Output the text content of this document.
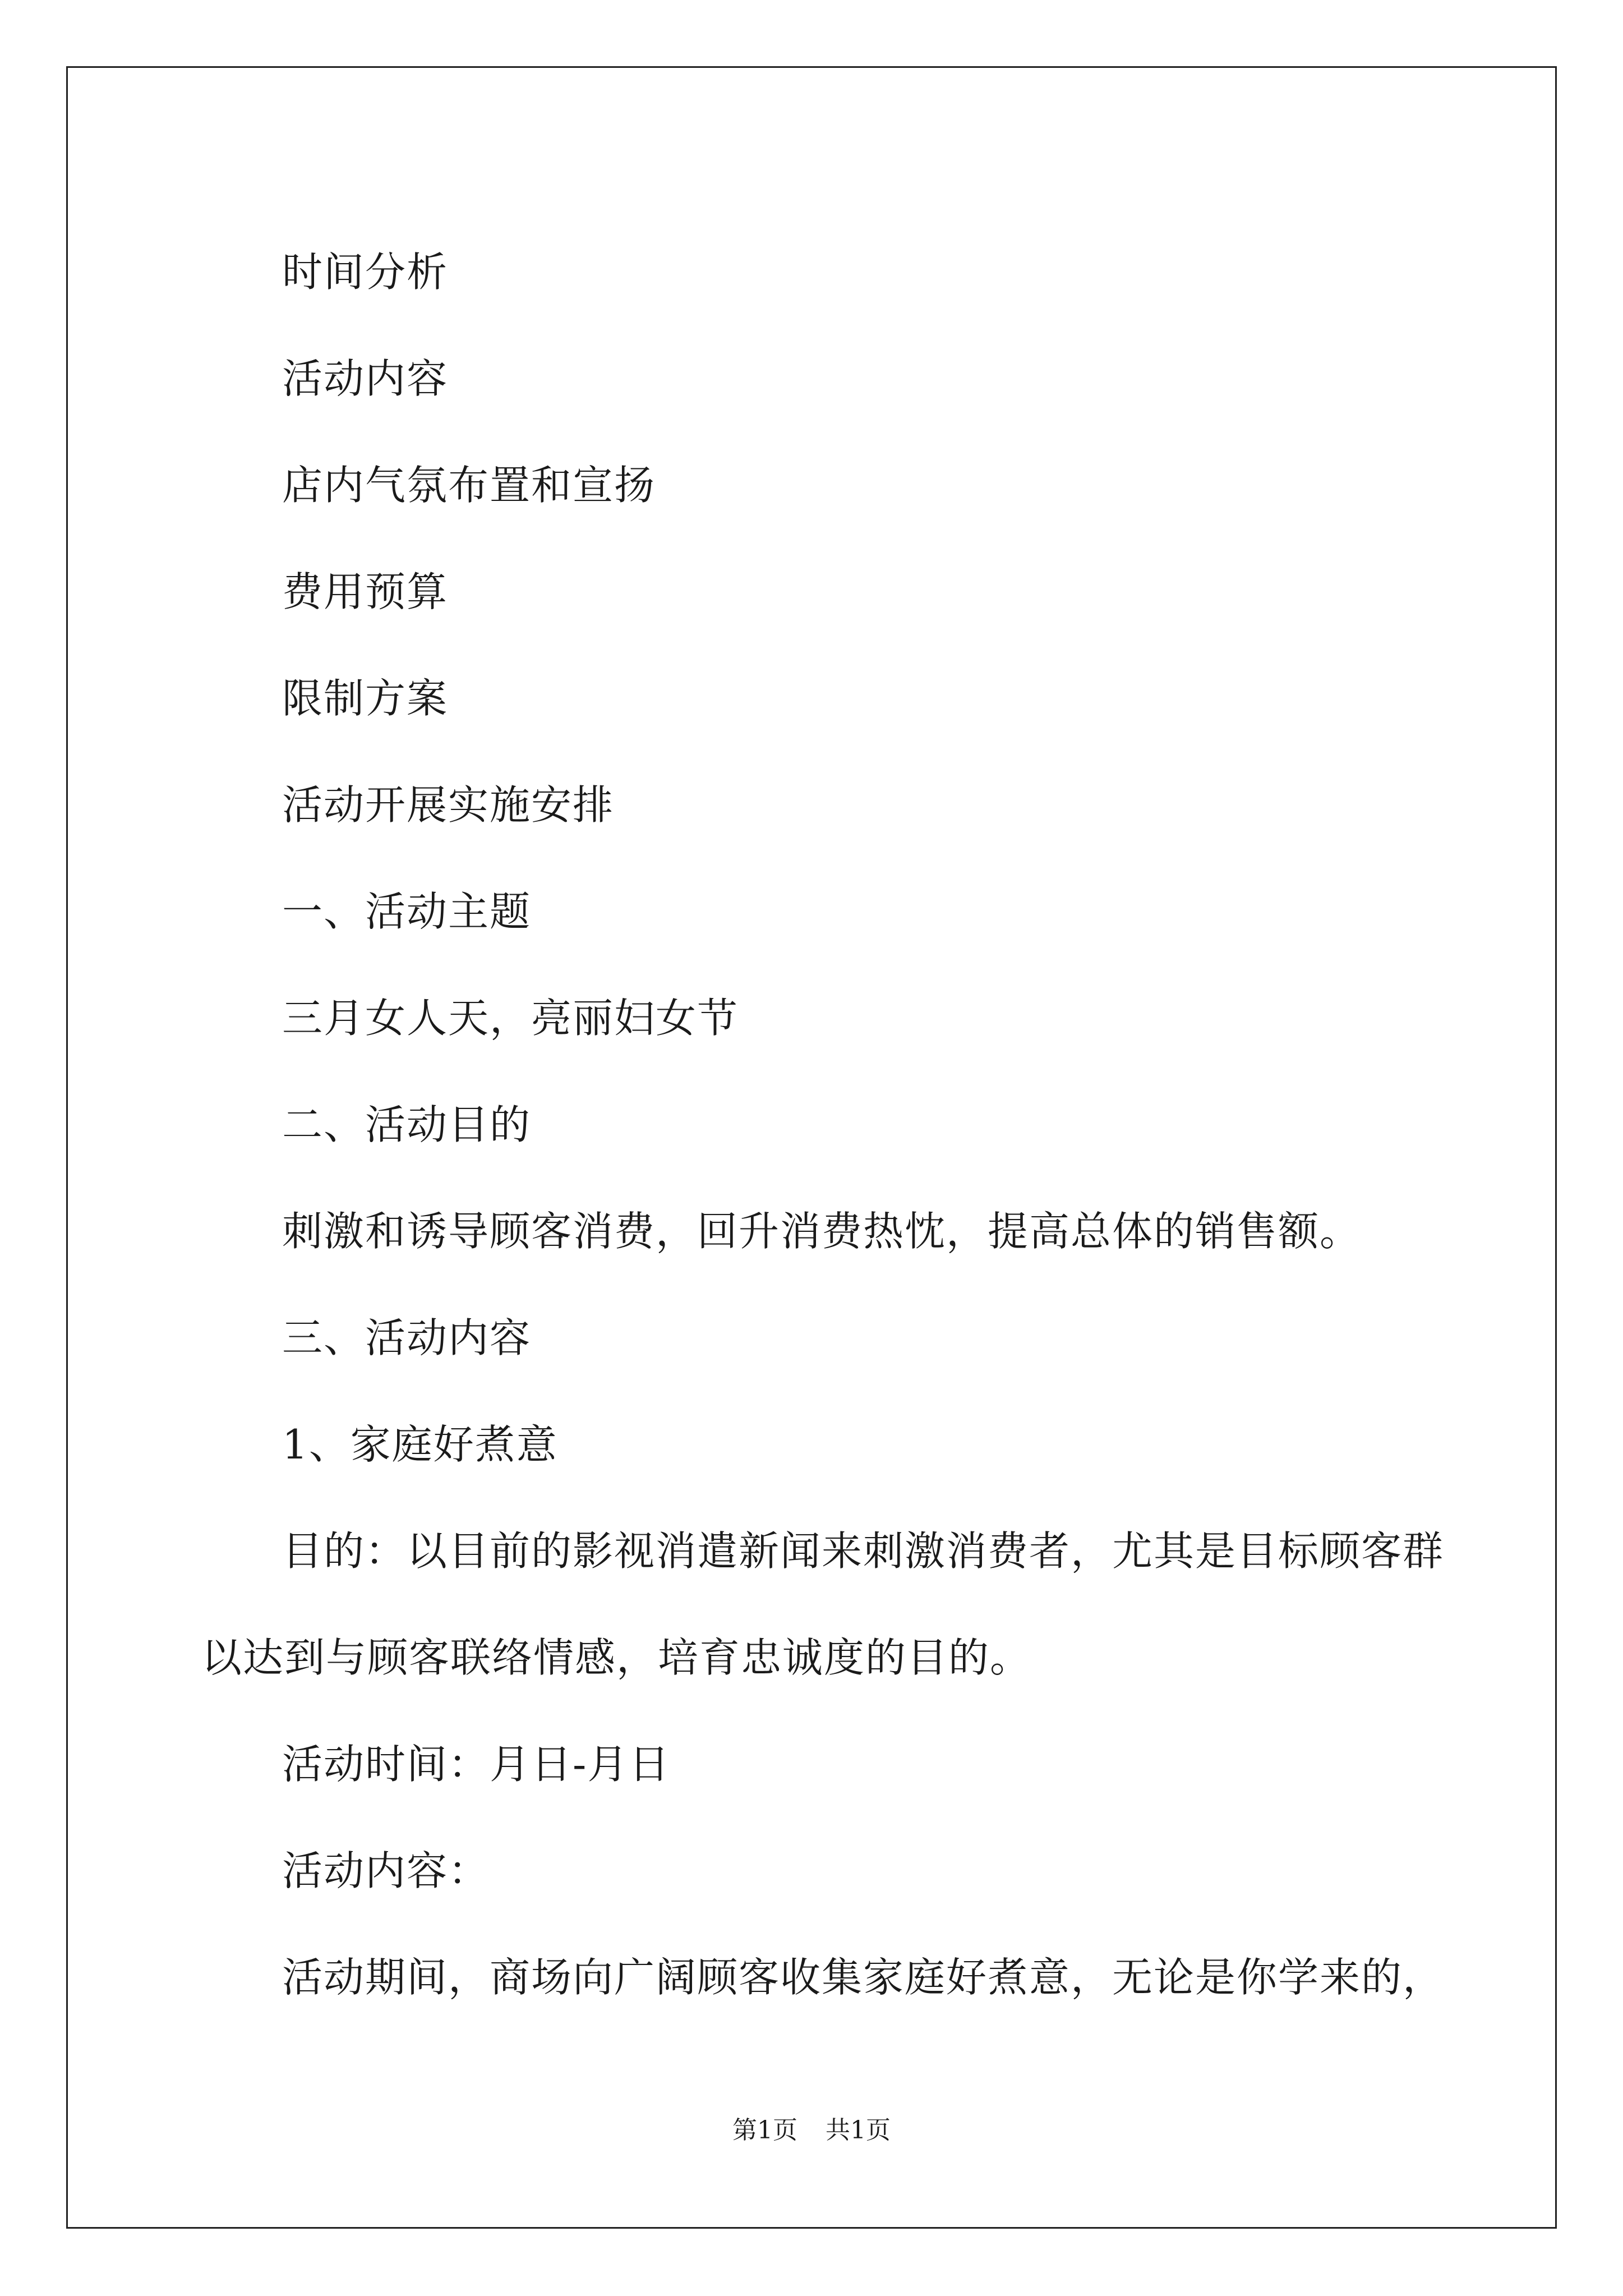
时间分析
活动内容
店内气氛布置和宣扬
费用预算
限制方案
活动开展实施安排
一、活动主题
三月女人天，亮丽妇女节
二、活动目的
刺激和诱导顾客消费，回升消费热忱，提高总体的销售额。
三、活动内容
1、家庭好煮意
目的：以目前的影视消遣新闻来刺激消费者，尤其是目标顾客群
以达到与顾客联络情感，培育忠诚度的目的。
活动时间：月日-月日
活动内容：
活动期间，商场向广阔顾客收集家庭好煮意，无论是你学来的，
第1页 共1页
